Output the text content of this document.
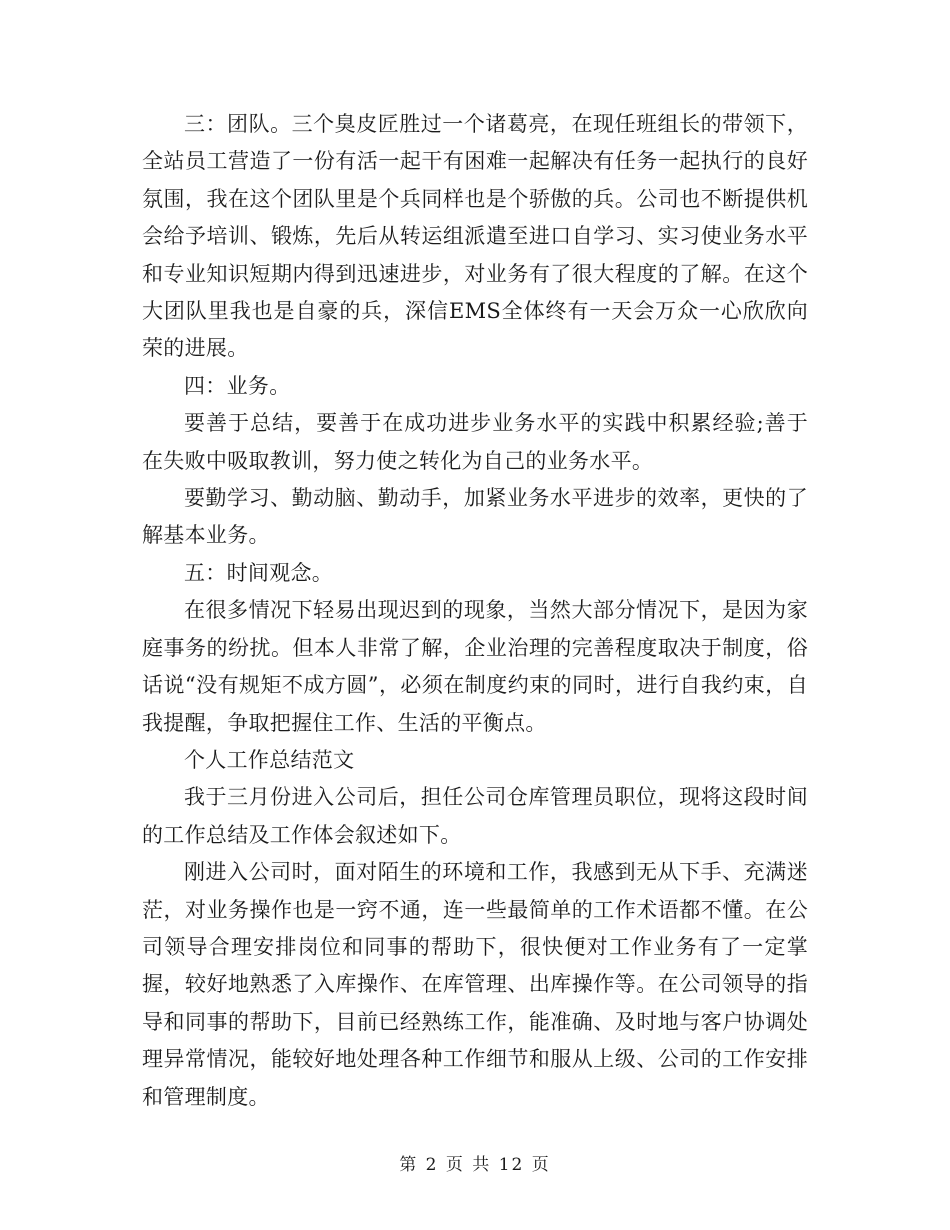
三：团队。三个臭皮匠胜过一个诸葛亮，在现任班组长的带领下，全站员工营造了一份有活一起干有困难一起解决有任务一起执行的良好氛围，我在这个团队里是个兵同样也是个骄傲的兵。公司也不断提供机会给予培训、锻炼，先后从转运组派遣至进口自学习、实习使业务水平和专业知识短期内得到迅速进步，对业务有了很大程度的了解。在这个大团队里我也是自豪的兵，深信EMS全体终有一天会万众一心欣欣向荣的进展。

四：业务。

要善于总结，要善于在成功进步业务水平的实践中积累经验;善于在失败中吸取教训，努力使之转化为自己的业务水平。

要勤学习、勤动脑、勤动手，加紧业务水平进步的效率，更快的了解基本业务。

五：时间观念。

在很多情况下轻易出现迟到的现象，当然大部分情况下，是因为家庭事务的纷扰。但本人非常了解，企业治理的完善程度取决于制度，俗话说“没有规矩不成方圆”，必须在制度约束的同时，进行自我约束，自我提醒，争取把握住工作、生活的平衡点。

个人工作总结范文

我于三月份进入公司后，担任公司仓库管理员职位，现将这段时间的工作总结及工作体会叙述如下。

刚进入公司时，面对陌生的环境和工作，我感到无从下手、充满迷茫，对业务操作也是一窍不通，连一些最简单的工作术语都不懂。在公司领导合理安排岗位和同事的帮助下，很快便对工作业务有了一定掌握，较好地熟悉了入库操作、在库管理、出库操作等。在公司领导的指导和同事的帮助下，目前已经熟练工作，能准确、及时地与客户协调处理异常情况，能较好地处理各种工作细节和服从上级、公司的工作安排和管理制度。

第 2 页 共 12 页
